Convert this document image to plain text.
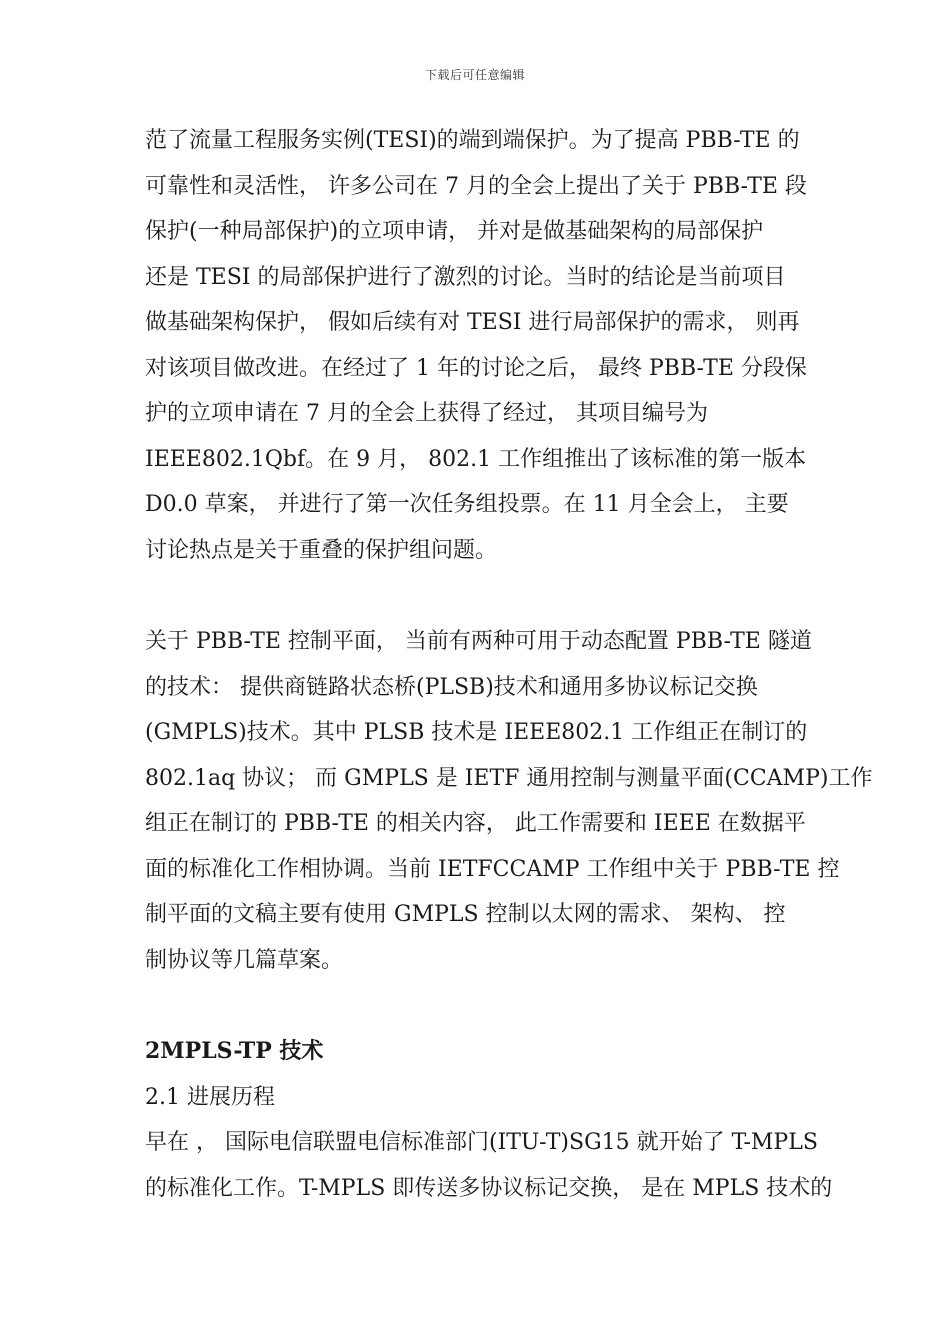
下载后可任意编辑
范了流量工程服务实例(TESI)的端到端保护。为了提高 PBB-TE 的
可靠性和灵活性， 许多公司在 7 月的全会上提出了关于 PBB-TE 段
保护(一种局部保护)的立项申请， 并对是做基础架构的局部保护
还是 TESI 的局部保护进行了激烈的讨论。当时的结论是当前项目
做基础架构保护， 假如后续有对 TESI 进行局部保护的需求， 则再
对该项目做改进。在经过了 1 年的讨论之后， 最终 PBB-TE 分段保
护的立项申请在 7 月的全会上获得了经过， 其项目编号为
IEEE802.1Qbf。在 9 月， 802.1 工作组推出了该标准的第一版本
D0.0 草案， 并进行了第一次任务组投票。在 11 月全会上， 主要
讨论热点是关于重叠的保护组问题。
关于 PBB-TE 控制平面， 当前有两种可用于动态配置 PBB-TE 隧道
的技术： 提供商链路状态桥(PLSB)技术和通用多协议标记交换
(GMPLS)技术。其中 PLSB 技术是 IEEE802.1 工作组正在制订的
802.1aq 协议； 而 GMPLS 是 IETF 通用控制与测量平面(CCAMP)工作
组正在制订的 PBB-TE 的相关内容， 此工作需要和 IEEE 在数据平
面的标准化工作相协调。当前 IETFCCAMP 工作组中关于 PBB-TE 控
制平面的文稿主要有使用 GMPLS 控制以太网的需求、 架构、 控
制协议等几篇草案。
2MPLS-TP 技术
2.1 进展历程
早在 ， 国际电信联盟电信标准部门(ITU-T)SG15 就开始了 T-MPLS
的标准化工作。T-MPLS 即传送多协议标记交换， 是在 MPLS 技术的
